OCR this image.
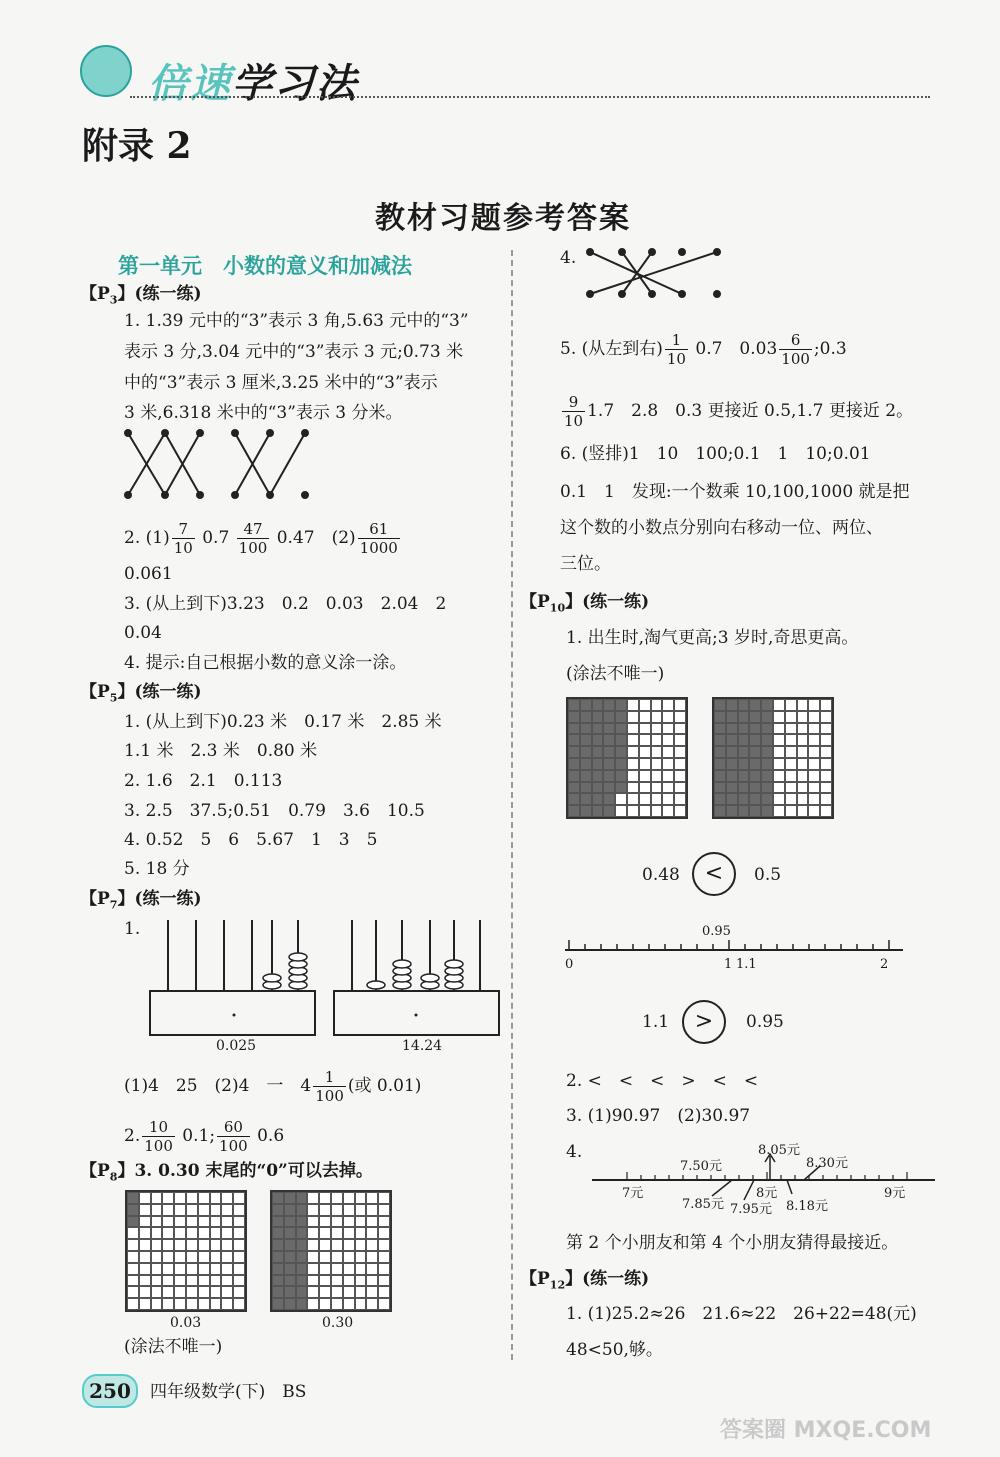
倍速学习法
附录 2
教材习题参考答案
第一单元　小数的意义和加减法
【$P_3$】(练一练)
1. 1.39 元中的“3”表示 3 角,5.63 元中的“3”
表示 3 分,3.04 元中的“3”表示 3 元;0.73 米
中的“3”表示 3 厘米,3.25 米中的“3”表示
3 米,6.318 米中的“3”表示 3 分米。
2. $(1) \frac{7}{10} 0.7 \frac{47}{100} 0.47$　$(2) \frac{61}{1000}$
0.061
3. (从上到下)3.23　0.2　0.03　2.04　2
0.04
4. 提示:自己根据小数的意义涂一涂。
【$P_5$】(练一练)
1. (从上到下)0.23 米　0.17 米　2.85 米
1.1 米　2.3 米　0.80 米
2. 1.6　2.1　0.113
3. 2.5　37.5;0.51　0.79　3.6　10.5
4. 0.52　5　6　5.67　1　3　5
5. 18 分
【$P_7$】(练一练)
1.
0.025	14.24
(1)4　25　(2)4　一　$4 \frac{1}{100}$ (或 0.01)
2. $\frac{10}{100} 0.1$; $\frac{60}{100} 0.6$
【$P_8$】3. 0.30 末尾的“0”可以去掉。
0.03	0.30
(涂法不唯一)
4.
5. (从左到右) $\frac{1}{10} 0.7$　$0.03 \frac{6}{100}$ ;0.3
$\frac{9}{10} 1.7$　2.8　0.3 更接近 0.5,1.7 更接近 2。
6. (竖排)1　10　100;0.1　1　10;0.01
0.1　1　发现:一个数乘 10,100,1000 就是把
这个数的小数点分别向右移动一位、两位、
三位。
【$P_{10}$】(练一练)
1. 出生时,淘气更高;3 岁时,奇思更高。
(涂法不唯一)
0.48	<	0.5
0.95
0	1 1.1	2
1.1	>	0.95
2. <　<　<　>　<　<
3. (1)90.97　(2)30.97
4.	8.05元
7.50元	8.30元
7元
7.85元
8元
7.95元 8.18元
9元
第 2 个小朋友和第 4 个小朋友猜得最接近。
【$P_{12}$】(练一练)
1. (1)25.2≈26　21.6≈22　26+22=48(元)
48<50,够。
250	四年级数学(下)　BS
答案圈 MXQE.COM
